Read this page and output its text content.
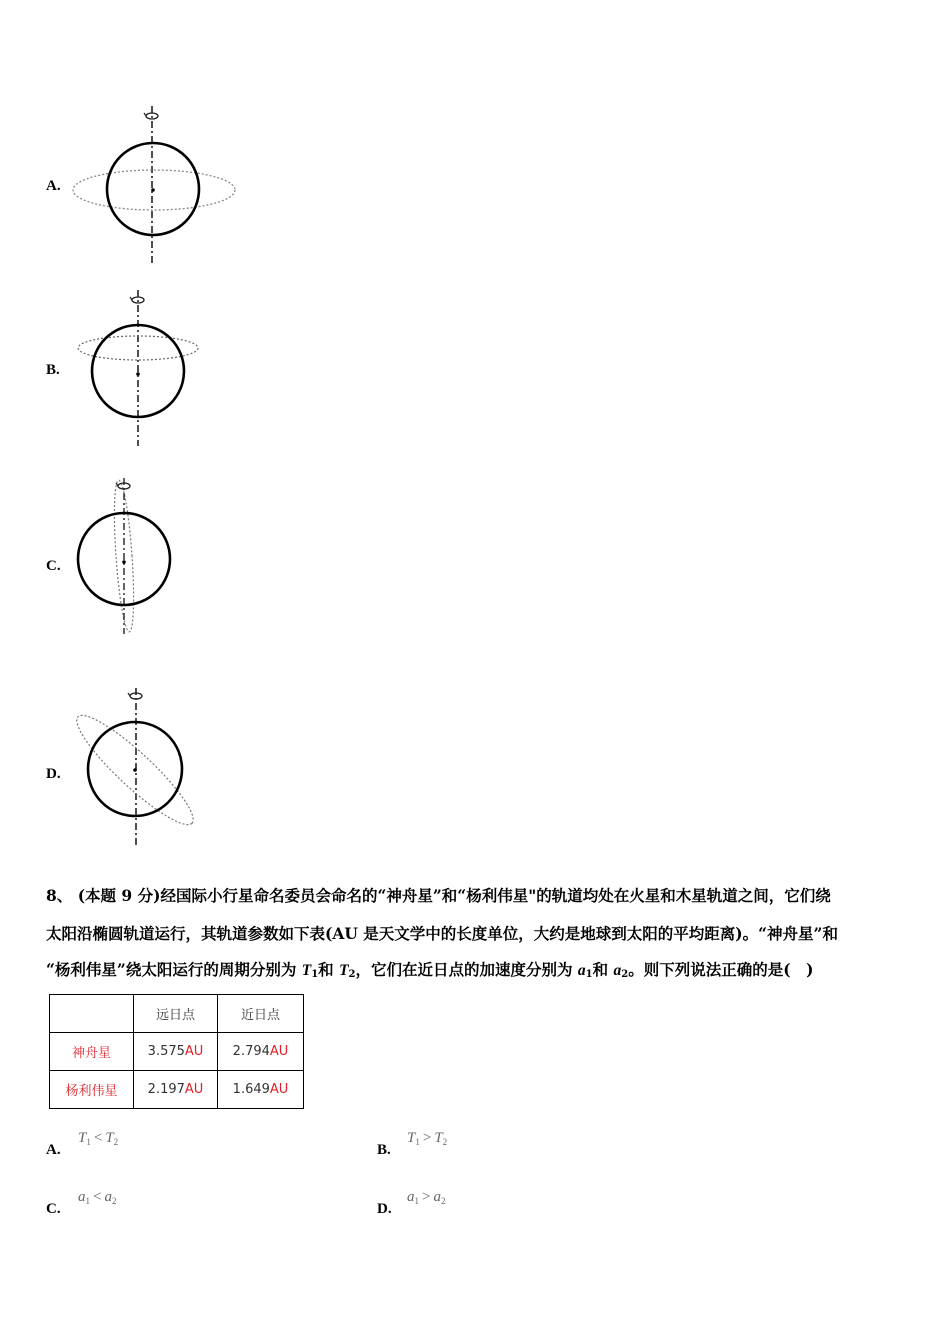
A.
B.
C.
D.
8、 (本题 9 分)经国际小行星命名委员会命名的“神舟星”和“杨利伟星"的轨道均处在火星和木星轨道之间，它们绕
太阳沿椭圆轨道运行，其轨道参数如下表(AU 是天文学中的长度单位，大约是地球到太阳的平均距离)。“神舟星”和
“杨利伟星”绕太阳运行的周期分别为 $T_1$和 $T_2$，它们在近日点的加速度分别为 $a_1$和 $a_2$。则下列说法正确的是(　)
	远日点	近日点
神舟星	3.575AU	2.794AU
杨利伟星	2.197AU	1.649AU
A.
$T_1 < T_2$	B.
$T_1 > T_2$
C.
$a_1 < a_2$	D.
$a_1 > a_2$
